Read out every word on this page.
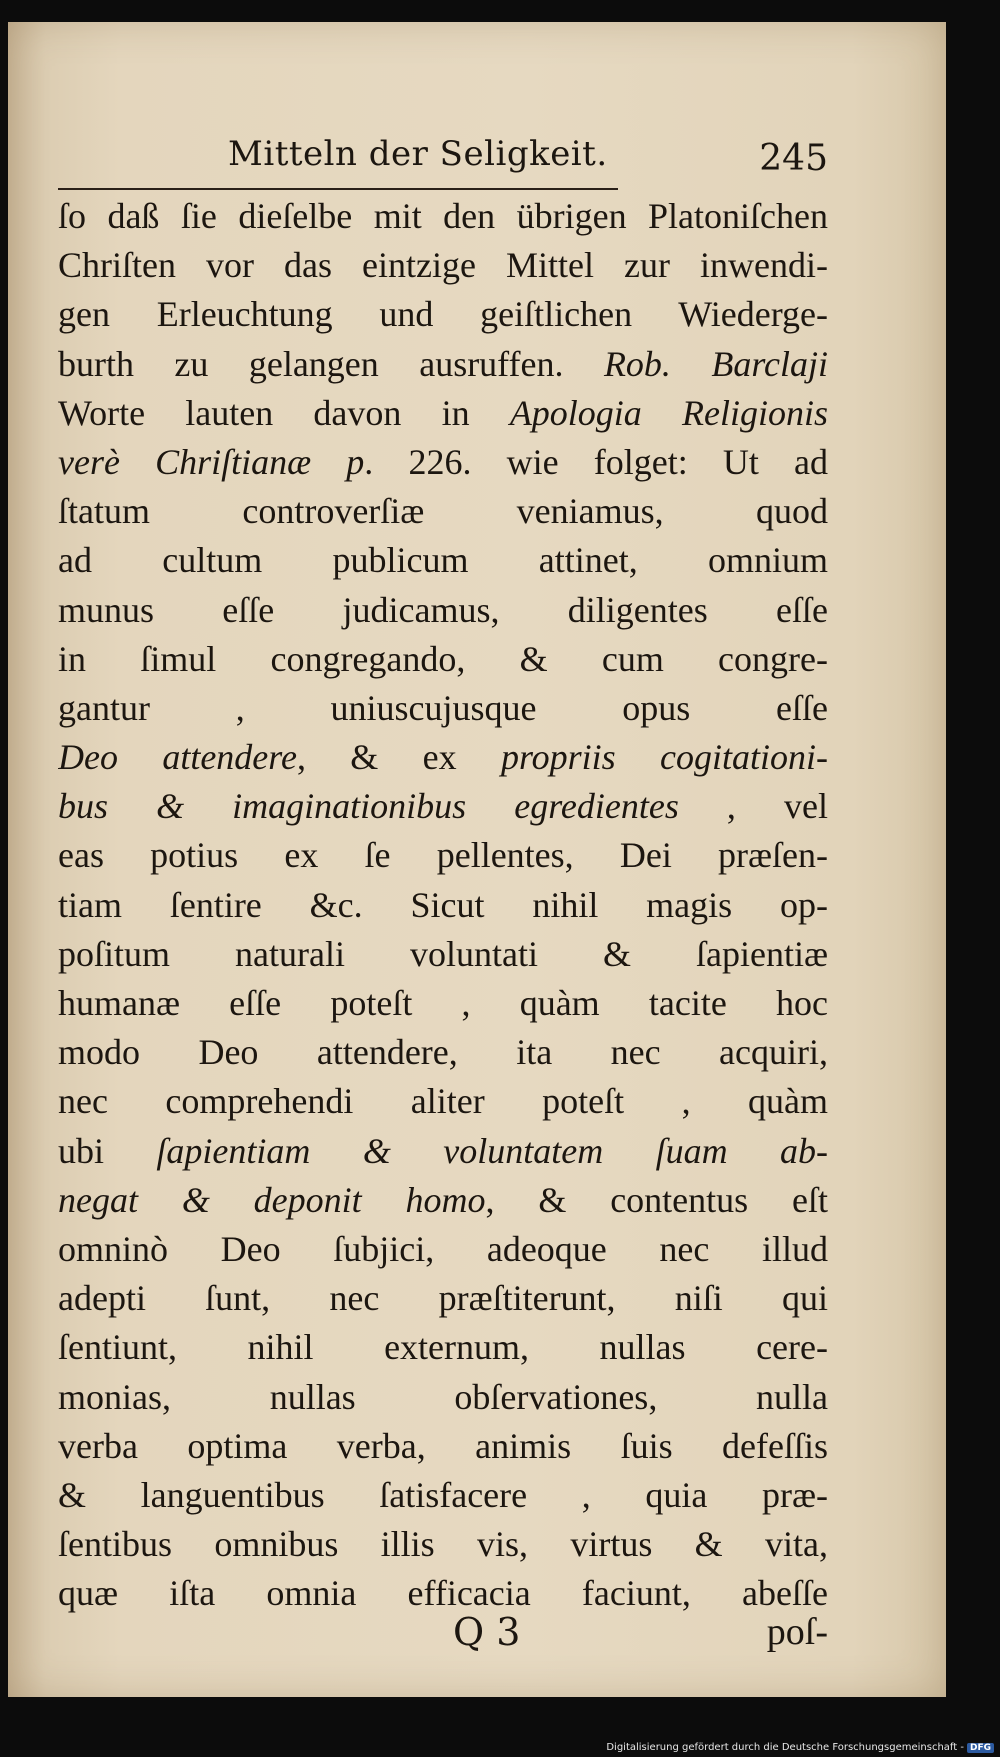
Mitteln der Seligkeit.	245
ſo daß ſie dieſelbe mit den übrigen Platoniſchen
Chriſten vor das eintzige Mittel zur inwendi-
gen Erleuchtung und geiſtlichen Wiederge-
burth zu gelangen ausruffen. Rob. Barclaji
Worte lauten davon in Apologia Religionis
verè Chriſtianæ p. 226. wie folget: Ut ad
ſtatum controverſiæ veniamus, quod
ad cultum publicum attinet, omnium
munus eſſe judicamus, diligentes eſſe
in ſimul congregando, & cum congre-
gantur , uniuscujusque opus eſſe
Deo attendere, & ex propriis cogitationi-
bus & imaginationibus egredientes , vel
eas potius ex ſe pellentes, Dei præſen-
tiam ſentire &c. Sicut nihil magis op-
poſitum naturali voluntati & ſapientiæ
humanæ eſſe poteſt , quàm tacite hoc
modo Deo attendere, ita nec acquiri,
nec comprehendi aliter poteſt , quàm
ubi ſapientiam & voluntatem ſuam ab-
negat & deponit homo, & contentus eſt
omninò Deo ſubjici, adeoque nec illud
adepti ſunt, nec præſtiterunt, niſi qui
ſentiunt, nihil externum, nullas cere-
monias, nullas obſervationes, nulla
verba optima verba, animis ſuis defeſſis
& languentibus ſatisfacere , quia præ-
ſentibus omnibus illis vis, virtus & vita,
quæ iſta omnia efficacia faciunt, abeſſe
Q 3	poſ-
Digitalisierung gefördert durch die Deutsche Forschungsgemeinschaft - DFG
